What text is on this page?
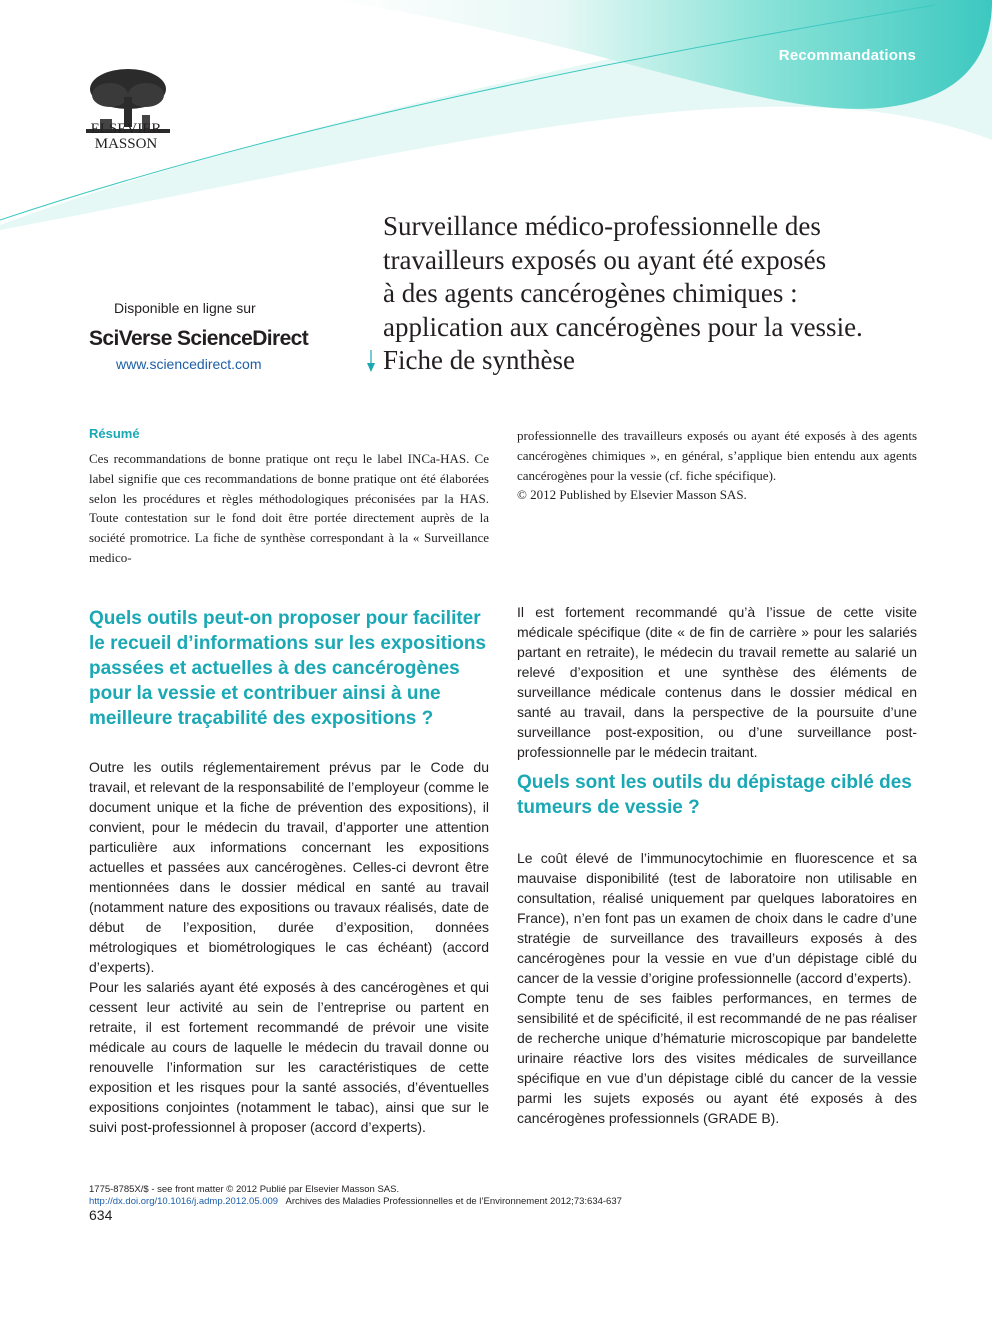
Recommandations
ELSEVIER
MASSON
Disponible en ligne sur
SciVerse ScienceDirect
www.sciencedirect.com
Surveillance médico-professionnelle des
travailleurs exposés ou ayant été exposés
à des agents cancérogènes chimiques :
application aux cancérogènes pour la vessie.
Fiche de synthèse
Résumé
Ces recommandations de bonne pratique ont reçu le label INCa-HAS. Ce label signifie que ces recommandations de bonne pratique ont été élaborées selon les procédures et règles méthodologiques préconisées par la HAS. Toute contestation sur le fond doit être portée directement auprès de la société promotrice. La fiche de synthèse correspondant à la « Surveillance medico-

professionnelle des travailleurs exposés ou ayant été exposés à des agents cancérogènes chimiques », en général, s’applique bien entendu aux agents cancérogènes pour la vessie (cf. fiche spécifique).

© 2012 Published by Elsevier Masson SAS.

Quels outils peut-on proposer pour faciliter le recueil d’informations sur les expositions passées et actuelles à des cancérogènes pour la vessie et contribuer ainsi à une meilleure traçabilité des expositions ?

Outre les outils réglementairement prévus par le Code du travail, et relevant de la responsabilité de l’employeur (comme le document unique et la fiche de prévention des expositions), il convient, pour le médecin du travail, d’apporter une attention particulière aux informations concernant les expositions actuelles et passées aux cancérogènes. Celles-ci devront être mentionnées dans le dossier médical en santé au travail (notamment nature des expositions ou travaux réalisés, date de début de l’exposition, durée d’exposition, données métrologiques et biométrologiques le cas échéant) (accord d’experts).

Pour les salariés ayant été exposés à des cancérogènes et qui cessent leur activité au sein de l’entreprise ou partent en retraite, il est fortement recommandé de prévoir une visite médicale au cours de laquelle le médecin du travail donne ou renouvelle l’information sur les caractéristiques de cette exposition et les risques pour la santé associés, d’éventuelles expositions conjointes (notamment le tabac), ainsi que sur le suivi post-professionnel à proposer (accord d’experts).

Il est fortement recommandé qu’à l’issue de cette visite médicale spécifique (dite « de fin de carrière » pour les salariés partant en retraite), le médecin du travail remette au salarié un relevé d’exposition et une synthèse des éléments de surveillance médicale contenus dans le dossier médical en santé au travail, dans la perspective de la poursuite d’une surveillance post-exposition, ou d’une surveillance post-professionnelle par le médecin traitant.

Quels sont les outils du dépistage ciblé des tumeurs de vessie ?

Le coût élevé de l’immunocytochimie en fluorescence et sa mauvaise disponibilité (test de laboratoire non utilisable en consultation, réalisé uniquement par quelques laboratoires en France), n’en font pas un examen de choix dans le cadre d’une stratégie de surveillance des travailleurs exposés à des cancérogènes pour la vessie en vue d’un dépistage ciblé du cancer de la vessie d’origine professionnelle (accord d’experts).

Compte tenu de ses faibles performances, en termes de sensibilité et de spécificité, il est recommandé de ne pas réaliser de recherche unique d’hématurie microscopique par bandelette urinaire réactive lors des visites médicales de surveillance spécifique en vue d’un dépistage ciblé du cancer de la vessie parmi les sujets exposés ou ayant été exposés à des cancérogènes professionnels (GRADE B).

1775-8785X/$ - see front matter © 2012 Publié par Elsevier Masson SAS.
http://dx.doi.org/10.1016/j.admp.2012.05.009 Archives des Maladies Professionnelles et de l’Environnement 2012;73:634-637
634
